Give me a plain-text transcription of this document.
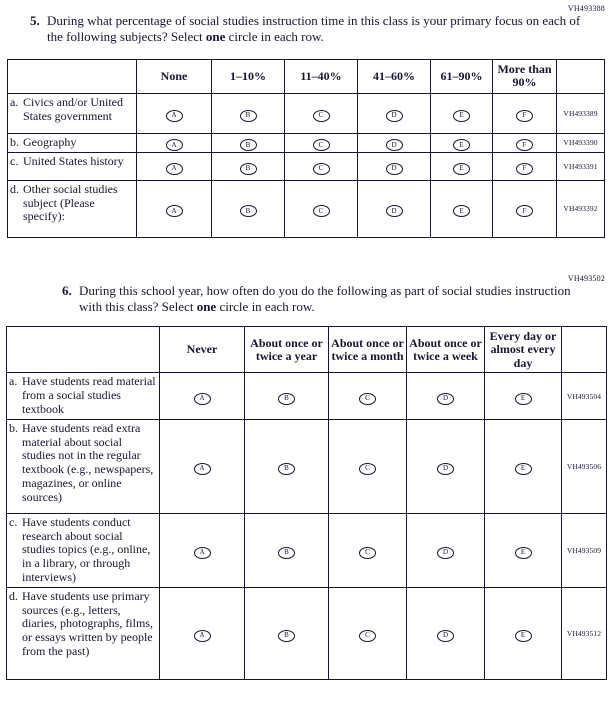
VH493388
5. During what percentage of social studies instruction time in this class is your primary focus on each of the following subjects? Select one circle in each row.
	None	1–10%	11–40%	41–60%	61–90%	More than 90%	

a. Civics and/or United States government	A	B	C	D	E	F	VH493389

b. Geography	A	B	C	D	E	F	VH493390

c. United States history	A	B	C	D	E	F	VH493391

d. Other social studies subject (Please specify):	A	B	C	D	E	F	VH493392
VH493502
6. During this school year, how often do you do the following as part of social studies instruction with this class? Select one circle in each row.
	Never	About once or twice a year	About once or twice a month	About once or twice a week	Every day or almost every day	

a. Have students read material from a social studies textbook	A	B	C	D	E	VH493504

b. Have students read extra material about social studies not in the regular textbook (e.g., newspapers, magazines, or online sources)	A	B	C	D	E	VH493506

c. Have students conduct research about social studies topics (e.g., online, in a library, or through interviews)	A	B	C	D	E	VH493509

d. Have students use primary sources (e.g., letters, diaries, photographs, films, or essays written by people from the past)	A	B	C	D	E	VH493512
